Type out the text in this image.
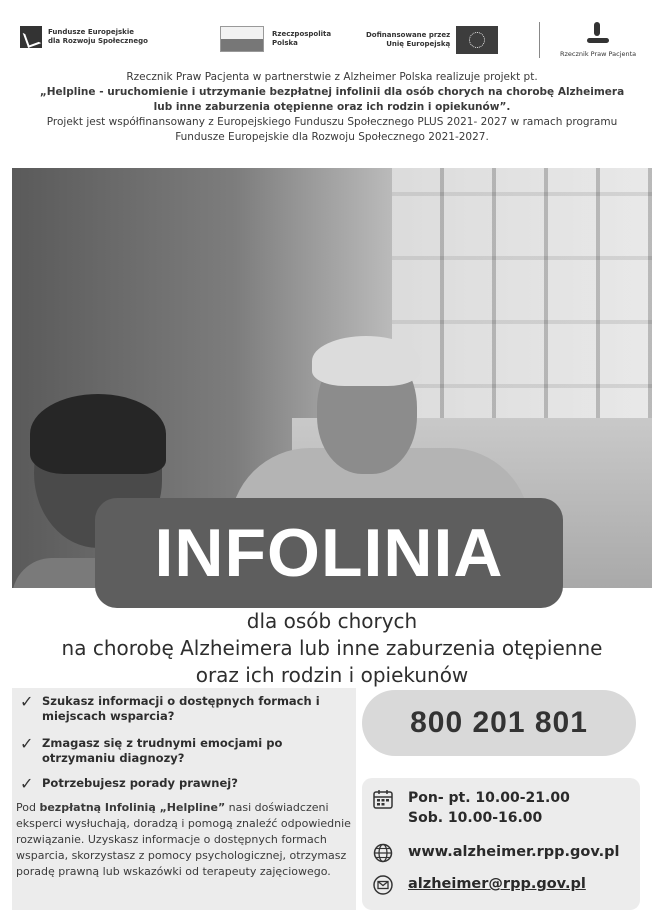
Fundusze Europejskie
dla Rozwoju Społecznego
Rzeczpospolita
Polska
Dofinansowane przez
Unię Europejską
Rzecznik Praw Pacjenta
Rzecznik Praw Pacjenta w partnerstwie z Alzheimer Polska realizuje projekt pt.
„Helpline - uruchomienie i utrzymanie bezpłatnej infolinii dla osób chorych na chorobę Alzheimera lub inne zaburzenia otępienne oraz ich rodzin i opiekunów”.
Projekt jest współfinansowany z Europejskiego Funduszu Społecznego PLUS 2021- 2027 w ramach programu Fundusze Europejskie dla Rozwoju Społecznego 2021-2027.
INFOLINIA
dla osób chorych
na chorobę Alzheimera lub inne zaburzenia otępienne
oraz ich rodzin i opiekunów
✓ Szukasz informacji o dostępnych formach i miejscach wsparcia?
✓ Zmagasz się z trudnymi emocjami po otrzymaniu diagnozy?
✓ Potrzebujesz porady prawnej?
Pod bezpłatną Infolinią „Helpline” nasi doświadczeni eksperci wysłuchają, doradzą i pomogą znaleźć odpowiednie rozwiązanie. Uzyskasz informacje o dostępnych formach wsparcia, skorzystasz z pomocy psychologicznej, otrzymasz poradę prawną lub wskazówki od terapeuty zajęciowego.
800 201 801
Pon- pt. 10.00-21.00
Sob. 10.00-16.00
www.alzheimer.rpp.gov.pl
alzheimer@rpp.gov.pl
